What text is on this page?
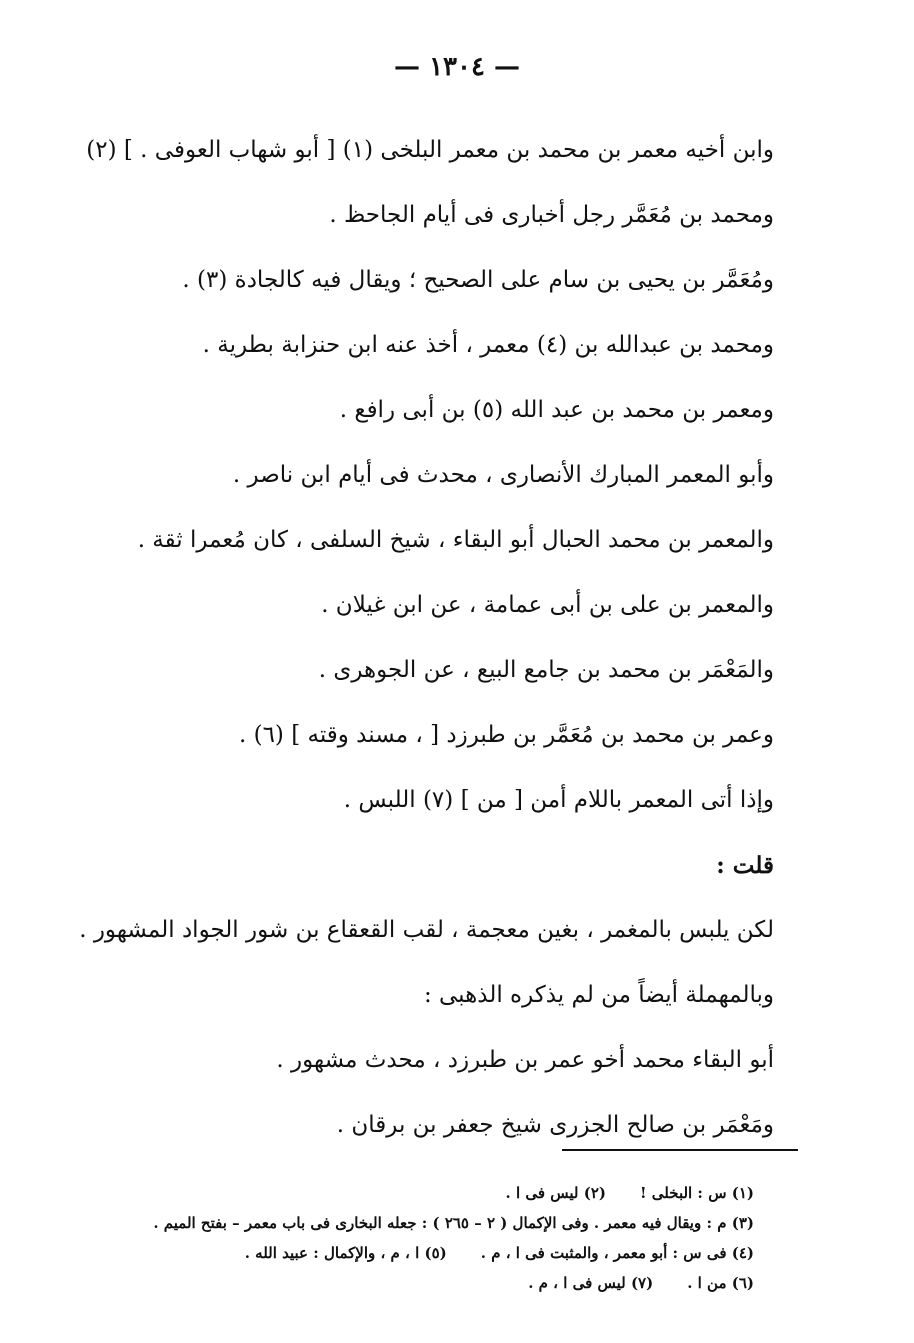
— ١٣٠٤ —
وابن أخيه معمر بن محمد بن معمر البلخى (١) [ أبو شهاب العوفى . ] (٢)
ومحمد بن مُعَمَّر رجل أخبارى فى أيام الجاحظ .
ومُعَمَّر بن يحيى بن سام على الصحيح ؛ ويقال فيه كالجادة (٣) .
ومحمد بن عبدالله بن (٤) معمر ، أخذ عنه ابن حنزابة بطرية .
ومعمر بن محمد بن عبد الله (٥) بن أبى رافع .
وأبو المعمر المبارك الأنصارى ، محدث فى أيام ابن ناصر .
والمعمر بن محمد الحبال أبو البقاء ، شيخ السلفى ، كان مُعمرا ثقة .
والمعمر بن على بن أبى عمامة ، عن ابن غيلان .
والمَعْمَر بن محمد بن جامع البيع ، عن الجوهرى .
وعمر بن محمد بن مُعَمَّر بن طبرزد [ ، مسند وقته ] (٦) .
وإذا أتى المعمر باللام أمن [ من ] (٧) اللبس .
قلت :
لكن يلبس بالمغمر ، بغين معجمة ، لقب القعقاع بن شور الجواد المشهور .
وبالمهملة أيضاً من لم يذكره الذهبى :
أبو البقاء محمد أخو عمر بن طبرزد ، محدث مشهور .
ومَعْمَر بن صالح الجزرى شيخ جعفر بن برقان .
(١) س : البخلى !
(٢) ليس فى ا .
(٣) م : ويقال فيه معمر . وفى الإكمال ( ٢ – ٢٦٥ ) : جعله البخارى فى باب معمر – بفتح الميم .
(٤) فى س : أبو معمر ، والمثبت فى ا ، م .
(٥) ا ، م ، والإكمال : عبيد الله .
(٦) من ا .
(٧) ليس فى ا ، م .
